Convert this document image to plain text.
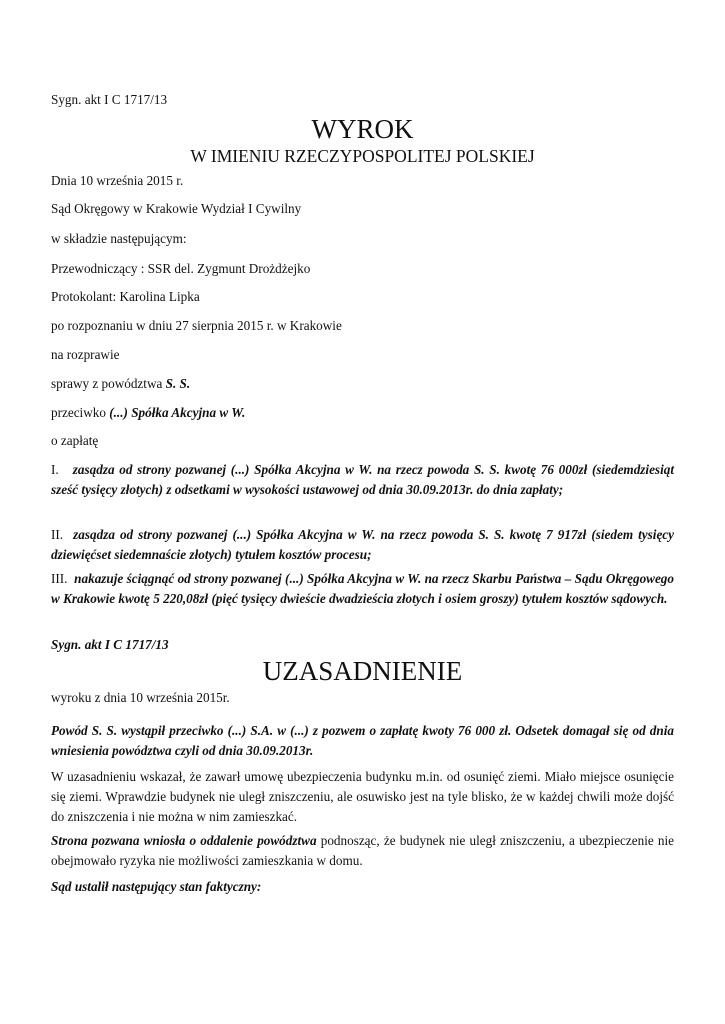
Sygn. akt I C 1717/13

WYROK
W IMIENIU RZECZYPOSPOLITEJ POLSKIEJ

Dnia 10 września 2015 r.

Sąd Okręgowy w Krakowie Wydział I Cywilny

w składzie następującym:

Przewodniczący : SSR del. Zygmunt Drożdżejko

Protokolant: Karolina Lipka

po rozpoznaniu w dniu 27 sierpnia 2015 r. w Krakowie

na rozprawie

sprawy z powództwa S. S.

przeciwko (...) Spółka Akcyjna w W.

o zapłatę

I. zasądza od strony pozwanej (...) Spółka Akcyjna w W. na rzecz powoda S. S. kwotę 76 000zł (siedemdziesiąt sześć tysięcy złotych) z odsetkami w wysokości ustawowej od dnia 30.09.2013r. do dnia zapłaty;

II. zasądza od strony pozwanej (...) Spółka Akcyjna w W. na rzecz powoda S. S. kwotę 7 917zł (siedem tysięcy dziewięćset siedemnaście złotych) tytułem kosztów procesu;

III. nakazuje ściągnąć od strony pozwanej (...) Spółka Akcyjna w W. na rzecz Skarbu Państwa – Sądu Okręgowego w Krakowie kwotę 5 220,08zł (pięć tysięcy dwieście dwadzieścia złotych i osiem groszy) tytułem kosztów sądowych.

Sygn. akt I C 1717/13

UZASADNIENIE

wyroku z dnia 10 września 2015r.

Powód S. S. wystąpił przeciwko (...) S.A. w (...) z pozwem o zapłatę kwoty 76 000 zł. Odsetek domagał się od dnia wniesienia powództwa czyli od dnia 30.09.2013r.

W uzasadnieniu wskazał, że zawarł umowę ubezpieczenia budynku m.in. od osunięć ziemi. Miało miejsce osunięcie się ziemi. Wprawdzie budynek nie uległ zniszczeniu, ale osuwisko jest na tyle blisko, że w każdej chwili może dojść do zniszczenia i nie można w nim zamieszkać.

Strona pozwana wniosła o oddalenie powództwa podnosząc, że budynek nie uległ zniszczeniu, a ubezpieczenie nie obejmowało ryzyka nie możliwości zamieszkania w domu.

Sąd ustalił następujący stan faktyczny:
